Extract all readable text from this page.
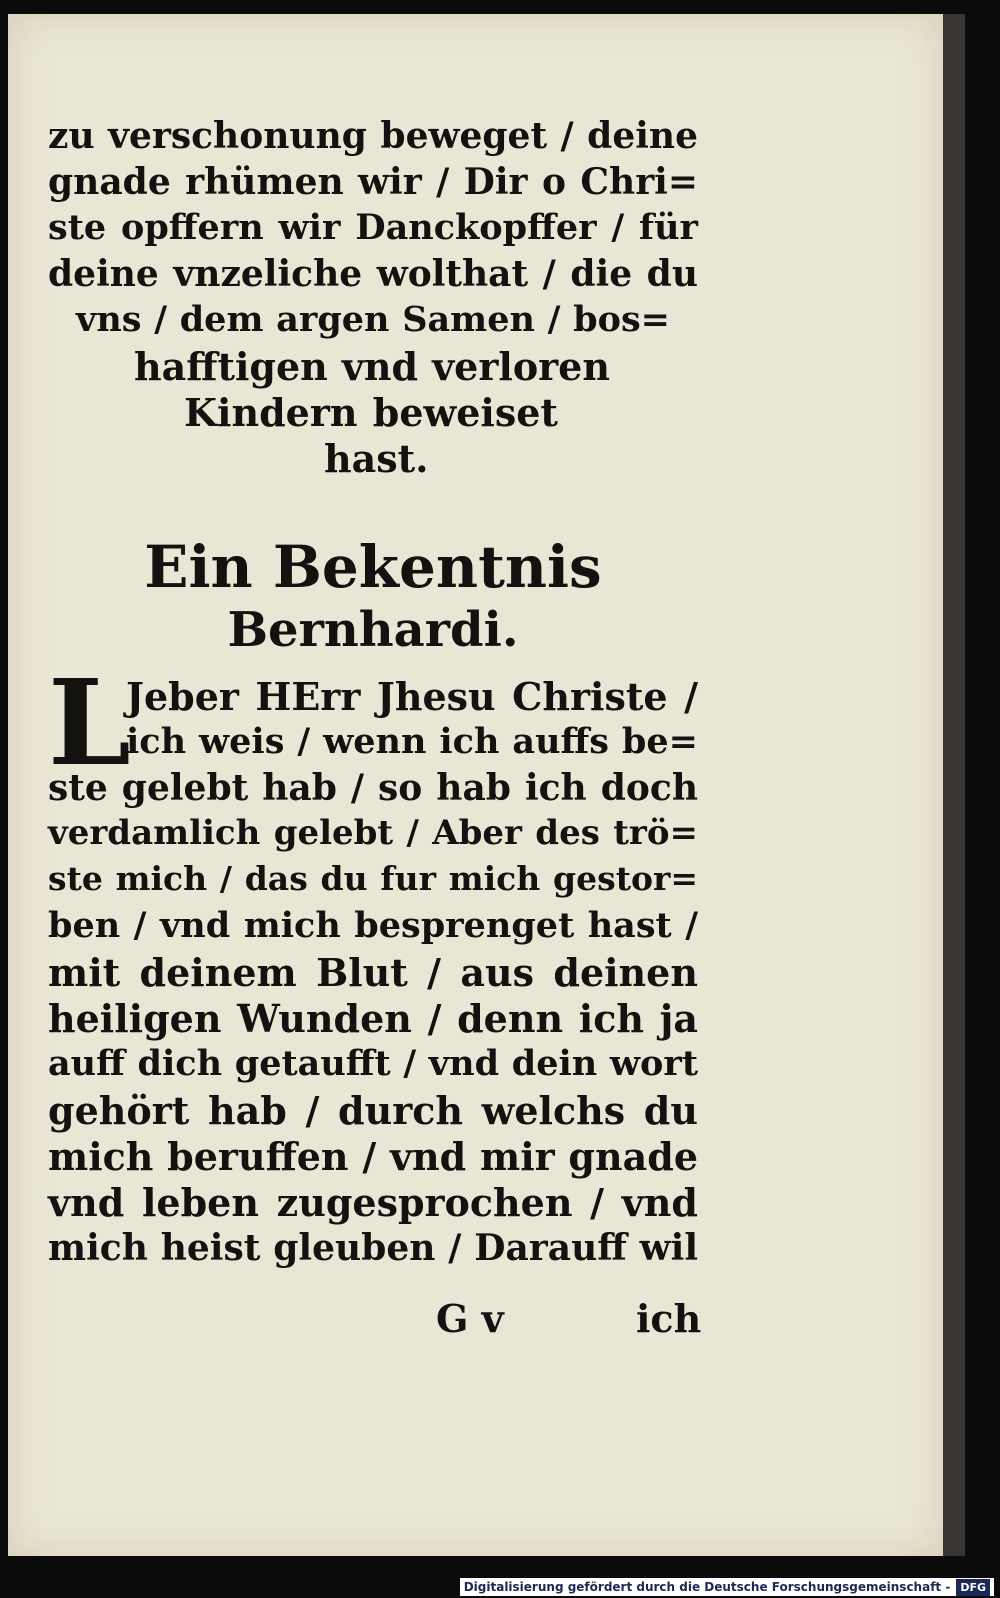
zu verschonung beweget / deine
gnade rhümen wir / Dir o Chri=
ste opffern wir Danckopffer / für
deine vnzeliche wolthat / die du
vns / dem argen Samen / bos=
hafftigen vnd verloren
Kindern beweiset
hast.
Ein Bekentnis
Bernhardi.
L
Jeber HErr Jhesu Christe /
ich weis / wenn ich auffs be=
ste gelebt hab / so hab ich doch
verdamlich gelebt / Aber des trö=
ste mich / das du fur mich gestor=
ben / vnd mich besprenget hast /
mit deinem Blut / aus deinen
heiligen Wunden / denn ich ja
auff dich getaufft / vnd dein wort
gehört hab / durch welchs du
mich beruffen / vnd mir gnade
vnd leben zugesprochen / vnd
mich heist gleuben / Darauff wil
G v	ich
Digitalisierung gefördert durch die Deutsche Forschungsgemeinschaft - DFG
